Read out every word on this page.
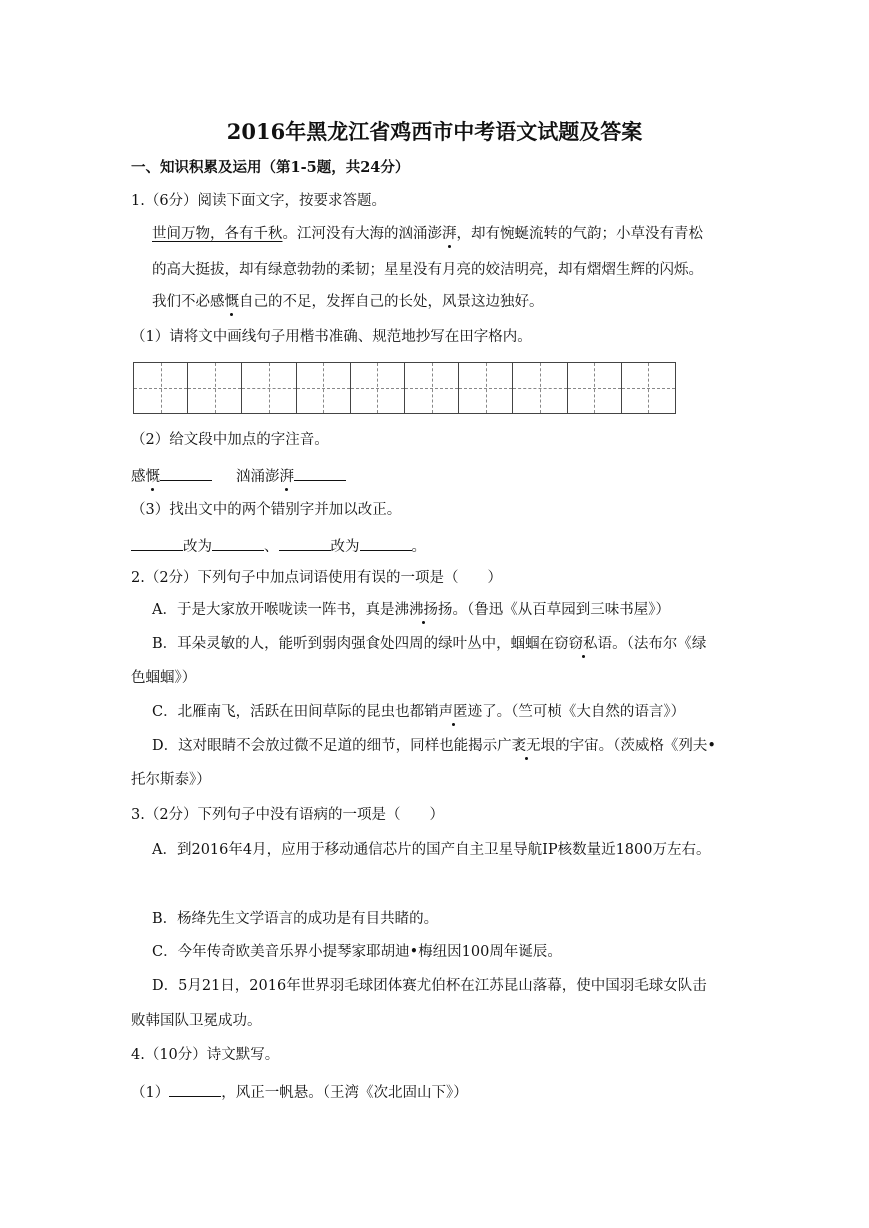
2016年黑龙江省鸡西市中考语文试题及答案
一、知识积累及运用（第1-5题，共24分）
1.（6分）阅读下面文字，按要求答题。
世间万物，各有千秋。江河没有大海的汹涌澎湃，却有惋蜒流转的气韵；小草没有青松
的高大挺拔，却有绿意勃勃的柔韧；星星没有月亮的姣洁明亮，却有熠熠生辉的闪烁。
我们不必感慨自己的不足，发挥自己的长处，风景这边独好。
（1）请将文中画线句子用楷书准确、规范地抄写在田字格内。
（2）给文段中加点的字注音。
感慨	汹涌澎湃
（3）找出文中的两个错别字并加以改正。
改为	、	改为	。
2.（2分）下列句子中加点词语使用有误的一项是（　　）
A．于是大家放开喉咙读一阵书，真是沸沸扬扬。（鲁迅《从百草园到三味书屋》）
B．耳朵灵敏的人，能听到弱肉强食处四周的绿叶丛中，蝈蝈在窃窃私语。（法布尔《绿
色蝈蝈》）
C．北雁南飞，活跃在田间草际的昆虫也都销声匿迹了。（竺可桢《大自然的语言》）
D．这对眼睛不会放过微不足道的细节，同样也能揭示广袤无垠的宇宙。（茨威格《列夫•
托尔斯泰》）
3.（2分）下列句子中没有语病的一项是（　　）
A．到2016年4月，应用于移动通信芯片的国产自主卫星导航IP核数量近1800万左右。
B．杨绛先生文学语言的成功是有目共睹的。
C．今年传奇欧美音乐界小提琴家耶胡迪•梅纽因100周年诞辰。
D．5月21日，2016年世界羽毛球团体赛尤伯杯在江苏昆山落幕，使中国羽毛球女队击
败韩国队卫冕成功。
4.（10分）诗文默写。
（1）	，风正一帆悬。（王湾《次北固山下》）
